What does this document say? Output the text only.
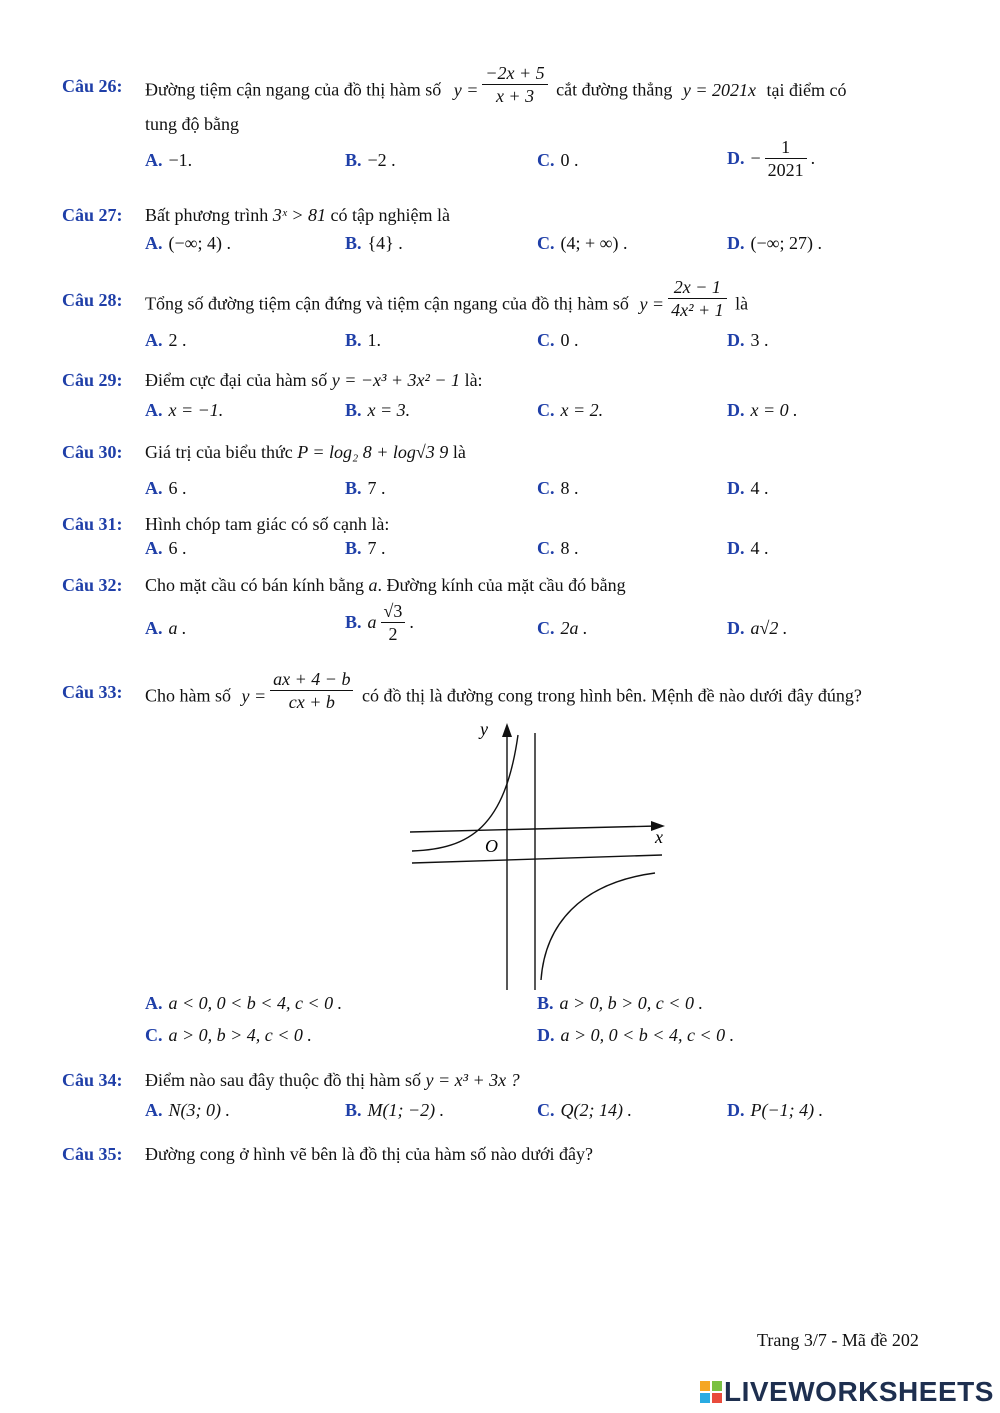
Câu 26: Đường tiệm cận ngang của đồ thị hàm số $y = \frac{-2x + 5}{x + 3}$ cắt đường thẳng y = 2021x tại điểm có
tung độ bằng
A. −1.	B. −2 .	C. 0 .	D. − $\frac{1}{2021}$ .
Câu 27: Bất phương trình 3ˣ > 81 có tập nghiệm là
A. (−∞; 4) .	B. {4} .	C. (4; + ∞) .	D. (−∞; 27) .
Câu 28: Tổng số đường tiệm cận đứng và tiệm cận ngang của đồ thị hàm số $y = \frac{2x - 1}{\text{4x² + 1}}$ là
A. 2 .	B. 1.	C. 0 .	D. 3 .
Câu 29: Điểm cực đại của hàm số y = −x³ + 3x² − 1 là:
A. x = −1.	B. x = 3.	C. x = 2.	D. x = 0 .
Câu 30: Giá trị của biểu thức P = log₂ 8 + log√3 9 là
A. 6 .	B. 7 .	C. 8 .	D. 4 .
Câu 31: Hình chóp tam giác có số cạnh là:
A. 6 .	B. 7 .	C. 8 .	D. 4 .
Câu 32: Cho mặt cầu có bán kính bằng a. Đường kính của mặt cầu đó bằng
A. a .	B. a $\frac{√3}{2}$ .	C. 2a .	D. a√2 .
Câu 33: Cho hàm số $y = \frac{ax + 4 - b}{cx + b}$ có đồ thị là đường cong trong hình bên. Mệnh đề nào dưới đây đúng?
y
x
O
A. a < 0, 0 < b < 4, c < 0 .	B. a > 0, b > 0, c < 0 .
C. a > 0, b > 4, c < 0 .	D. a > 0, 0 < b < 4, c < 0 .
Câu 34: Điểm nào sau đây thuộc đồ thị hàm số y = x³ + 3x ?
A. N(3; 0) .	B. M(1; −2) .	C. Q(2; 14) .	D. P(−1; 4) .
Câu 35: Đường cong ở hình vẽ bên là đồ thị của hàm số nào dưới đây?
Trang 3/7 - Mã đề 202
LIVEWORKSHEETS
